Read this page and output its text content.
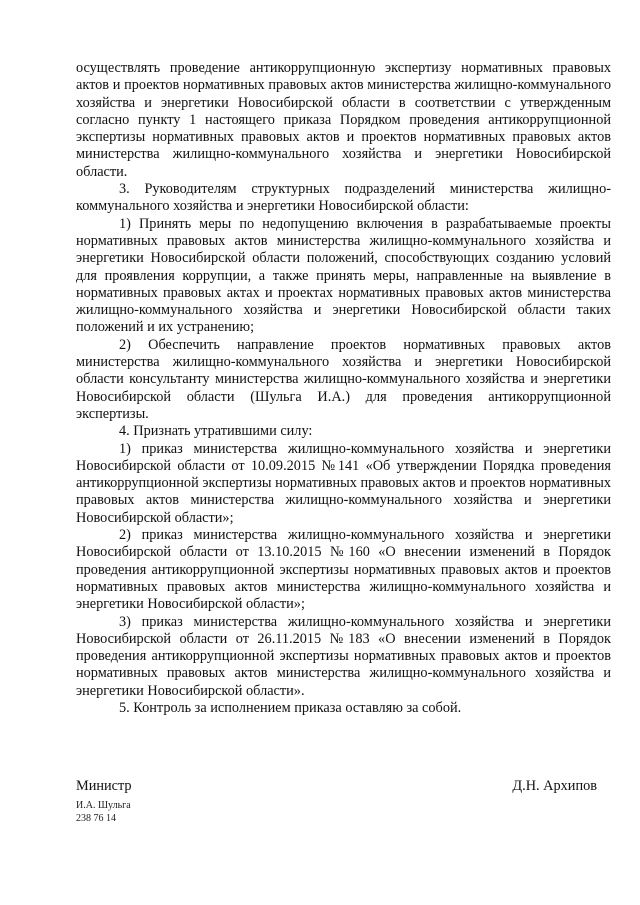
осуществлять проведение антикоррупционную экспертизу нормативных правовых актов и проектов нормативных правовых актов министерства жилищно-коммунального хозяйства и энергетики Новосибирской области в соответствии с утвержденным согласно пункту 1 настоящего приказа Порядком проведения антикоррупционной экспертизы нормативных правовых актов и проектов нормативных правовых актов министерства жилищно-коммунального хозяйства и энергетики Новосибирской области.

3. Руководителям структурных подразделений министерства жилищно-коммунального хозяйства и энергетики Новосибирской области:

1) Принять меры по недопущению включения в разрабатываемые проекты нормативных правовых актов министерства жилищно-коммунального хозяйства и энергетики Новосибирской области положений, способствующих созданию условий для проявления коррупции, а также принять меры, направленные на выявление в нормативных правовых актах и проектах нормативных правовых актов министерства жилищно-коммунального хозяйства и энергетики Новосибирской области таких положений и их устранению;

2) Обеспечить направление проектов нормативных правовых актов министерства жилищно-коммунального хозяйства и энергетики Новосибирской области консультанту министерства жилищно-коммунального хозяйства и энергетики Новосибирской области (Шульга И.А.) для проведения антикоррупционной экспертизы.

4. Признать утратившими силу:

1) приказ министерства жилищно-коммунального хозяйства и энергетики Новосибирской области от 10.09.2015 №141 «Об утверждении Порядка проведения антикоррупционной экспертизы нормативных правовых актов и проектов нормативных правовых актов министерства жилищно-коммунального хозяйства и энергетики Новосибирской области»;

2) приказ министерства жилищно-коммунального хозяйства и энергетики Новосибирской области от 13.10.2015 №160 «О внесении изменений в Порядок проведения антикоррупционной экспертизы нормативных правовых актов и проектов нормативных правовых актов министерства жилищно-коммунального хозяйства и энергетики Новосибирской области»;

3) приказ министерства жилищно-коммунального хозяйства и энергетики Новосибирской области от 26.11.2015 №183 «О внесении изменений в Порядок проведения антикоррупционной экспертизы нормативных правовых актов и проектов нормативных правовых актов министерства жилищно-коммунального хозяйства и энергетики Новосибирской области».

5. Контроль за исполнением приказа оставляю за собой.

Министр	Д.Н. Архипов
И.А. Шульга
238 76 14
